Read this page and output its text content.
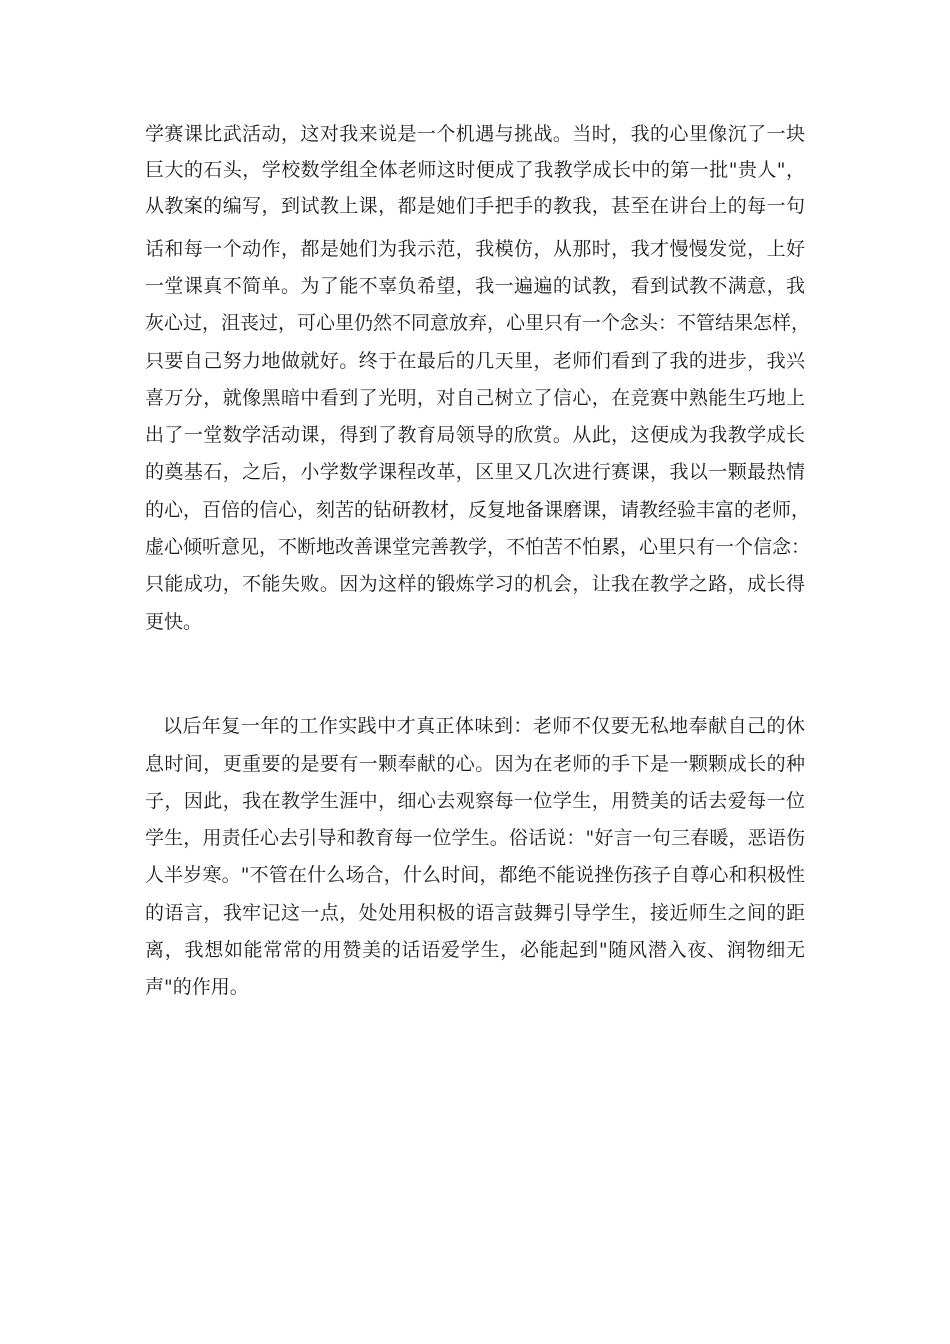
学赛课比武活动，这对我来说是一个机遇与挑战。当时，我的心里像沉了一块

巨大的石头，学校数学组全体老师这时便成了我教学成长中的第一批"贵人"，

从教案的编写，到试教上课，都是她们手把手的教我，甚至在讲台上的每一句

话和每一个动作，都是她们为我示范，我模仿，从那时，我才慢慢发觉，上好

一堂课真不简单。为了能不辜负希望，我一遍遍的试教，看到试教不满意，我

灰心过，沮丧过，可心里仍然不同意放弃，心里只有一个念头：不管结果怎样，

只要自己努力地做就好。终于在最后的几天里，老师们看到了我的进步，我兴

喜万分，就像黑暗中看到了光明，对自己树立了信心，在竞赛中熟能生巧地上

出了一堂数学活动课，得到了教育局领导的欣赏。从此，这便成为我教学成长

的奠基石，之后，小学数学课程改革，区里又几次进行赛课，我以一颗最热情

的心，百倍的信心，刻苦的钻研教材，反复地备课磨课，请教经验丰富的老师，

虚心倾听意见，不断地改善课堂完善教学，不怕苦不怕累，心里只有一个信念：

只能成功，不能失败。因为这样的锻炼学习的机会，让我在教学之路，成长得

更快。

以后年复一年的工作实践中才真正体味到：老师不仅要无私地奉献自己的休

息时间，更重要的是要有一颗奉献的心。因为在老师的手下是一颗颗成长的种

子，因此，我在教学生涯中，细心去观察每一位学生，用赞美的话去爱每一位

学生，用责任心去引导和教育每一位学生。俗话说："好言一句三春暖，恶语伤

人半岁寒。"不管在什么场合，什么时间，都绝不能说挫伤孩子自尊心和积极性

的语言，我牢记这一点，处处用积极的语言鼓舞引导学生，接近师生之间的距

离，我想如能常常的用赞美的话语爱学生，必能起到"随风潜入夜、润物细无

声"的作用。
